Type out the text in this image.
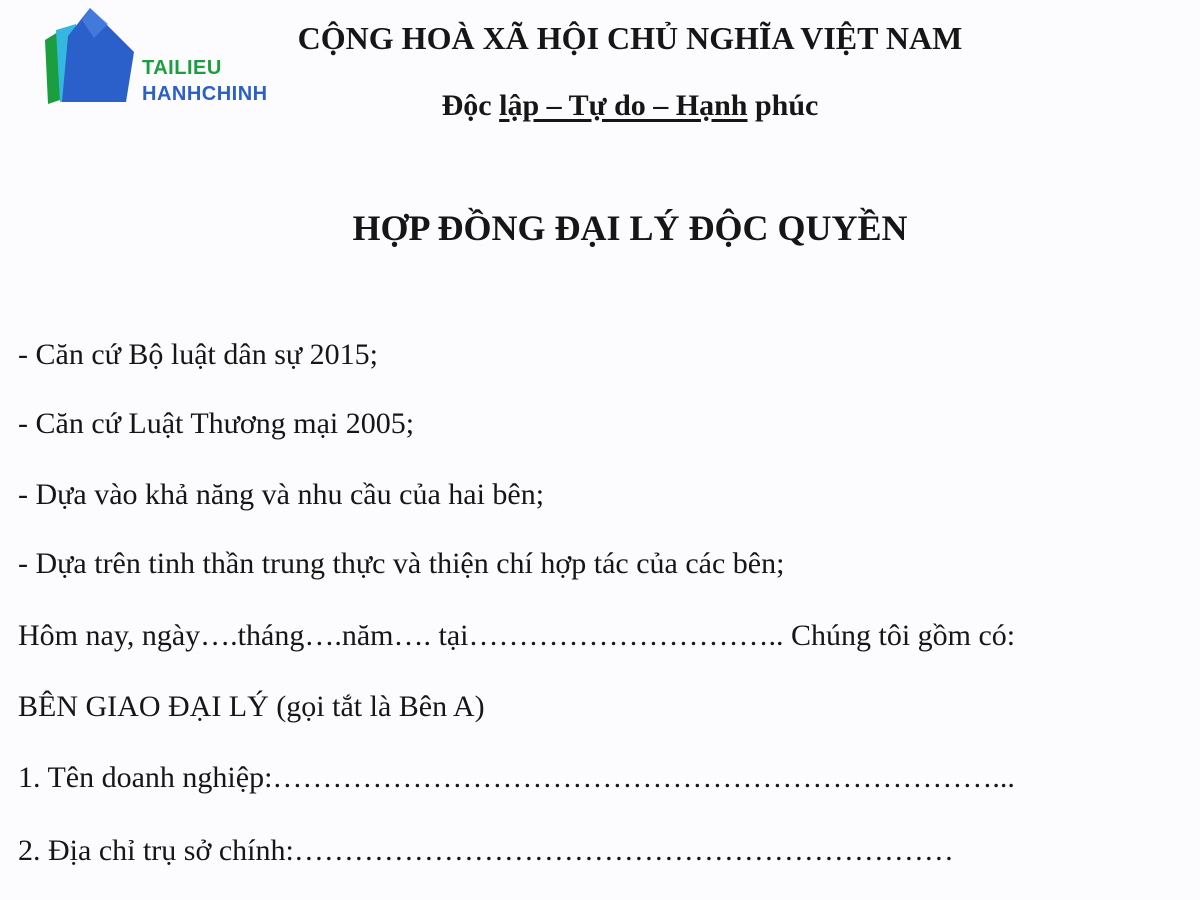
TAILIEU
HANHCHINH
CỘNG HOÀ XÃ HỘI CHỦ NGHĨA VIỆT NAM
Độc lập – Tự do – Hạnh phúc
HỢP ĐỒNG ĐẠI LÝ ĐỘC QUYỀN
- Căn cứ Bộ luật dân sự 2015;
- Căn cứ Luật Thương mại 2005;
- Dựa vào khả năng và nhu cầu của hai bên;
- Dựa trên tinh thần trung thực và thiện chí hợp tác của các bên;
Hôm nay, ngày….tháng….năm…. tại………………………….. Chúng tôi gồm có:
BÊN GIAO ĐẠI LÝ (gọi tắt là Bên A)
1. Tên doanh nghiệp:………………………………………………………………...
2. Địa chỉ trụ sở chính:…………………………………………………………
